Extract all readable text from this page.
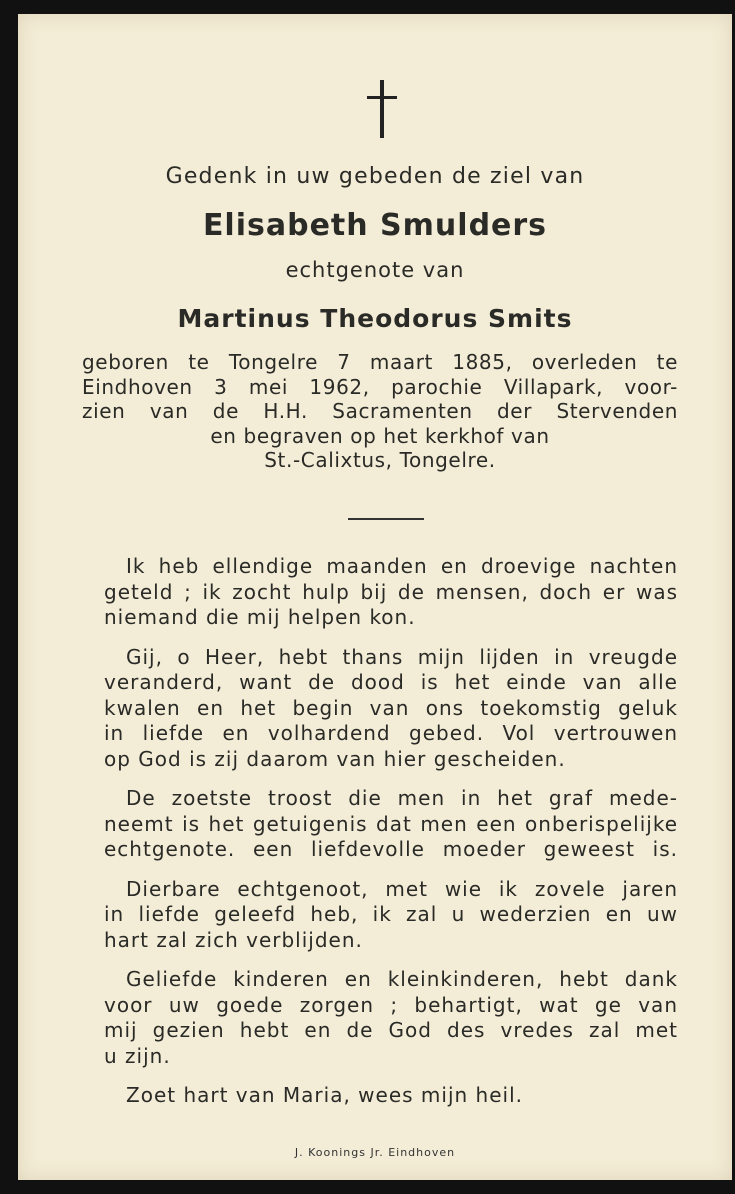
Gedenk in uw gebeden de ziel van
Elisabeth Smulders
echtgenote van
Martinus Theodorus Smits
geboren te Tongelre 7 maart 1885, overleden te
Eindhoven 3 mei 1962, parochie Villapark, voor-
zien van de H.H. Sacramenten der Stervenden
en begraven op het kerkhof van
St.-Calixtus, Tongelre.
Ik heb ellendige maanden en droevige nachten
geteld ; ik zocht hulp bij de mensen, doch er was
niemand die mij helpen kon.
Gij, o Heer, hebt thans mijn lijden in vreugde
veranderd, want de dood is het einde van alle
kwalen en het begin van ons toekomstig geluk
in liefde en volhardend gebed. Vol vertrouwen
op God is zij daarom van hier gescheiden.
De zoetste troost die men in het graf mede-
neemt is het getuigenis dat men een onberispelijke
echtgenote. een liefdevolle moeder geweest is.
Dierbare echtgenoot, met wie ik zovele jaren
in liefde geleefd heb, ik zal u wederzien en uw
hart zal zich verblijden.
Geliefde kinderen en kleinkinderen, hebt dank
voor uw goede zorgen ; behartigt, wat ge van
mij gezien hebt en de God des vredes zal met
u zijn.
Zoet hart van Maria, wees mijn heil.
J. Koonings Jr. Eindhoven
